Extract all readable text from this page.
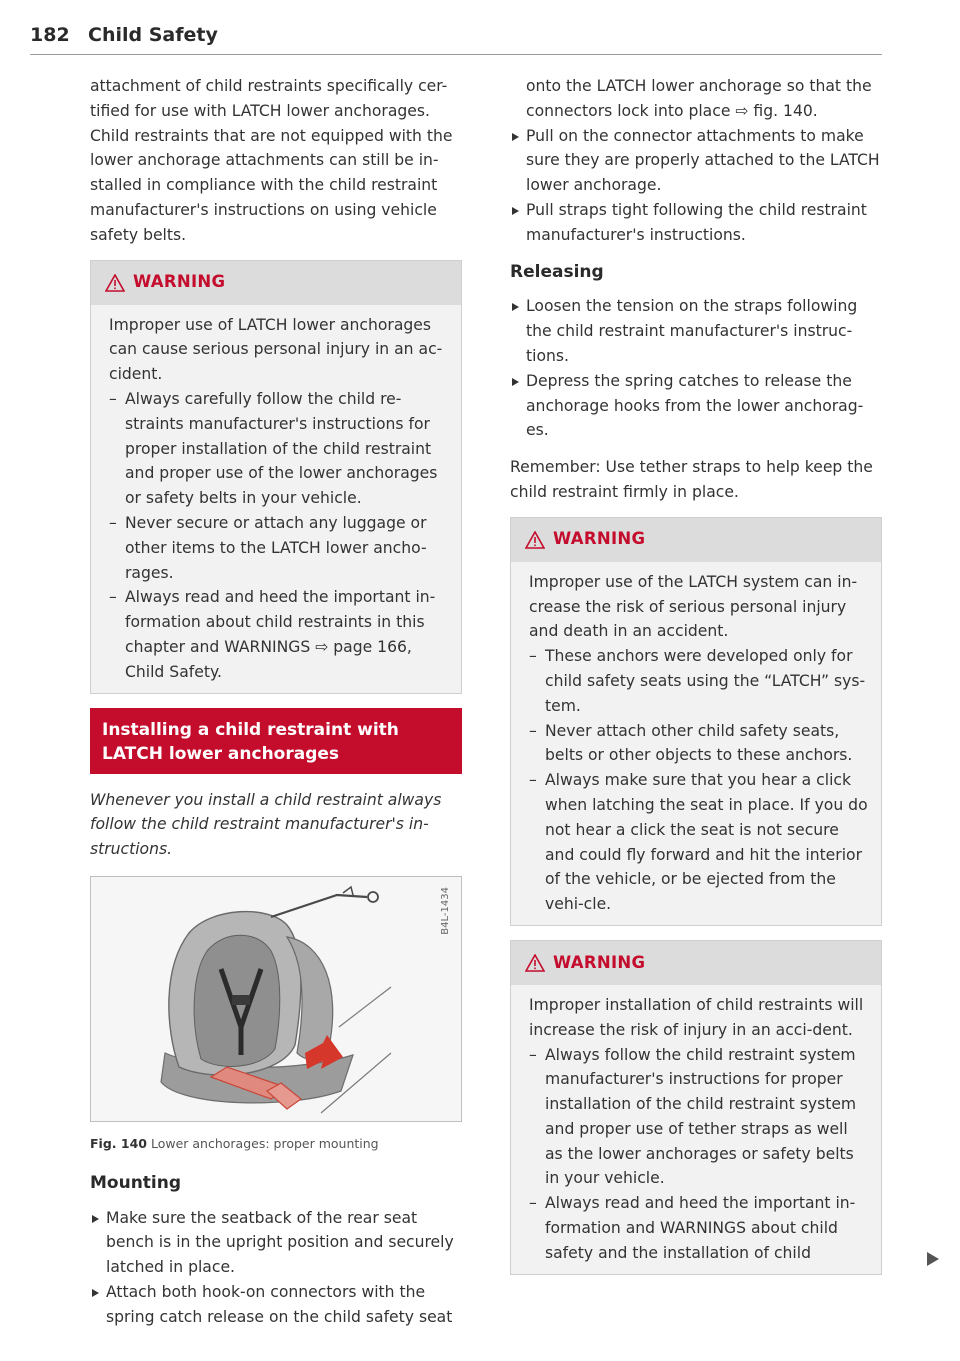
182 Child Safety

attachment of child restraints specifically cer-tified for use with LATCH lower anchorages. Child restraints that are not equipped with the lower anchorage attachments can still be in-stalled in compliance with the child restraint manufacturer's instructions on using vehicle safety belts.

WARNING

Improper use of LATCH lower anchorages can cause serious personal injury in an ac-cident.

– Always carefully follow the child re-straints manufacturer's instructions for proper installation of the child restraint and proper use of the lower anchorages or safety belts in your vehicle.

– Never secure or attach any luggage or other items to the LATCH lower ancho-rages.

– Always read and heed the important in-formation about child restraints in this chapter and WARNINGS ⇨ page 166, Child Safety.

Installing a child restraint with LATCH lower anchorages

Whenever you install a child restraint always follow the child restraint manufacturer's in-structions.

B4L-1434

Fig. 140 Lower anchorages: proper mounting

Mounting

Make sure the seatback of the rear seat bench is in the upright position and securely latched in place.

Attach both hook-on connectors with the spring catch release on the child safety seat

onto the LATCH lower anchorage so that the connectors lock into place ⇨ fig. 140.

Pull on the connector attachments to make sure they are properly attached to the LATCH lower anchorage.

Pull straps tight following the child restraint manufacturer's instructions.

Releasing

Loosen the tension on the straps following the child restraint manufacturer's instruc-tions.

Depress the spring catches to release the anchorage hooks from the lower anchorag-es.

Remember: Use tether straps to help keep the child restraint firmly in place.

WARNING

Improper use of the LATCH system can in-crease the risk of serious personal injury and death in an accident.

– These anchors were developed only for child safety seats using the “LATCH” sys-tem.

– Never attach other child safety seats, belts or other objects to these anchors.

– Always make sure that you hear a click when latching the seat in place. If you do not hear a click the seat is not secure and could fly forward and hit the interior of the vehicle, or be ejected from the vehi-cle.

WARNING

Improper installation of child restraints will increase the risk of injury in an acci-dent.

– Always follow the child restraint system manufacturer's instructions for proper installation of the child restraint system and proper use of tether straps as well as the lower anchorages or safety belts in your vehicle.

– Always read and heed the important in-formation and WARNINGS about child safety and the installation of child
